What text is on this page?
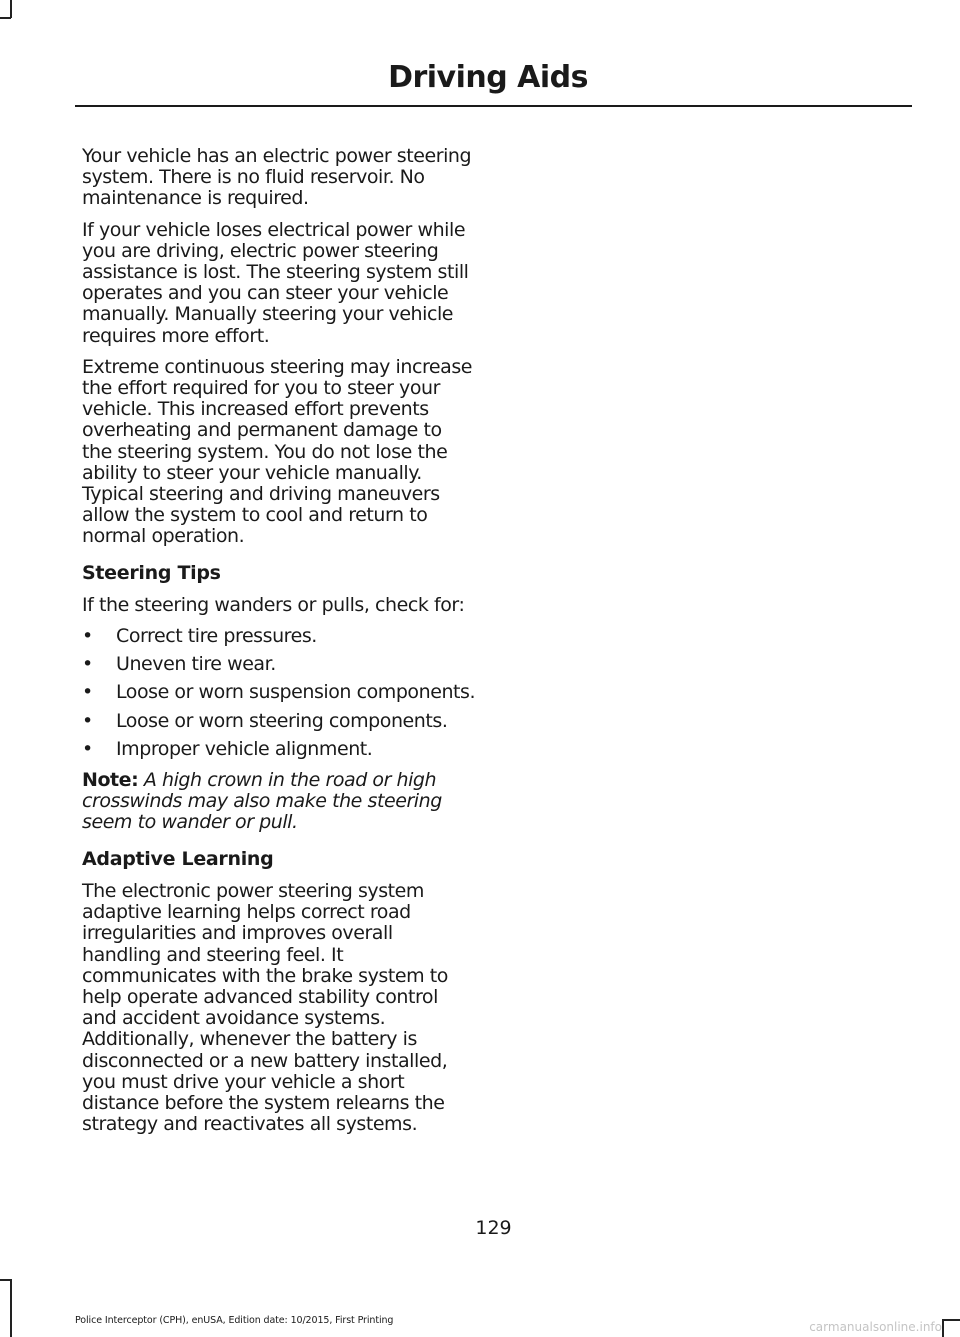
Driving Aids

Your vehicle has an electric power steering system. There is no fluid reservoir. No maintenance is required.

If your vehicle loses electrical power while you are driving, electric power steering assistance is lost. The steering system still operates and you can steer your vehicle manually. Manually steering your vehicle requires more effort.

Extreme continuous steering may increase the effort required for you to steer your vehicle. This increased effort prevents overheating and permanent damage to the steering system. You do not lose the ability to steer your vehicle manually. Typical steering and driving maneuvers allow the system to cool and return to normal operation.

Steering Tips

If the steering wanders or pulls, check for:

• Correct tire pressures.
• Uneven tire wear.
• Loose or worn suspension components.
• Loose or worn steering components.
• Improper vehicle alignment.

Note: A high crown in the road or high crosswinds may also make the steering seem to wander or pull.

Adaptive Learning

The electronic power steering system adaptive learning helps correct road irregularities and improves overall handling and steering feel. It communicates with the brake system to help operate advanced stability control and accident avoidance systems. Additionally, whenever the battery is disconnected or a new battery installed, you must drive your vehicle a short distance before the system relearns the strategy and reactivates all systems.

129

Police Interceptor (CPH), enUSA, Edition date: 10/2015, First Printing	carmanualsonline.info
